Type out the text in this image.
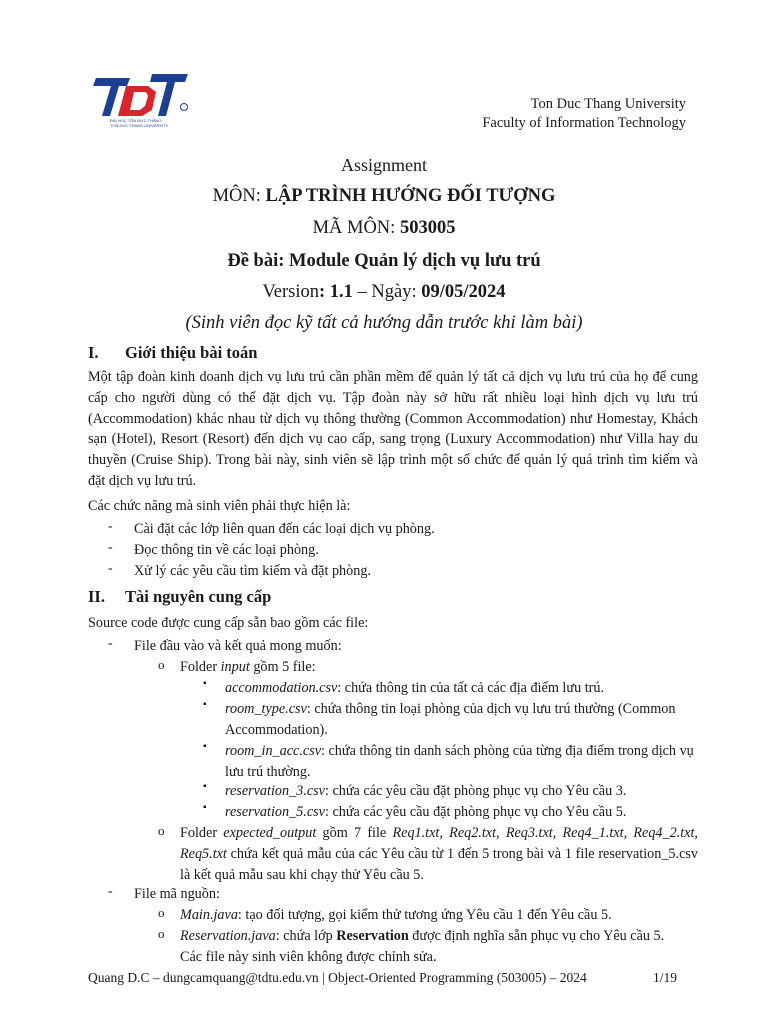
ĐẠI HỌC TÔN ĐỨC THẮNG
TON DUC THANG UNIVERSITY
Ton Duc Thang University
Faculty of Information Technology
Assignment
MÔN: LẬP TRÌNH HƯỚNG ĐỐI TƯỢNG
MÃ MÔN: 503005
Đề bài: Module Quản lý dịch vụ lưu trú
Version: 1.1 – Ngày: 09/05/2024
(Sinh viên đọc kỹ tất cả hướng dẫn trước khi làm bài)
I. Giới thiệu bài toán
Một tập đoàn kinh doanh dịch vụ lưu trú cần phần mềm để quản lý tất cả dịch vụ lưu trú của họ để cung cấp cho người dùng có thể đặt dịch vụ. Tập đoàn này sở hữu rất nhiều loại hình dịch vụ lưu trú (Accommodation) khác nhau từ dịch vụ thông thường (Common Accommodation) như Homestay, Khách sạn (Hotel), Resort (Resort) đến dịch vụ cao cấp, sang trọng (Luxury Accommodation) như Villa hay du thuyền (Cruise Ship). Trong bài này, sinh viên sẽ lập trình một số chức để quản lý quá trình tìm kiếm và đặt dịch vụ lưu trú.
Các chức năng mà sinh viên phải thực hiện là:
- Cài đặt các lớp liên quan đến các loại dịch vụ phòng.
- Đọc thông tin về các loại phòng.
- Xử lý các yêu cầu tìm kiếm và đặt phòng.
II. Tài nguyên cung cấp
Source code được cung cấp sẵn bao gồm các file:
- File đầu vào và kết quả mong muốn:
o Folder input gồm 5 file:
▪ accommodation.csv: chứa thông tin của tất cả các địa điểm lưu trú.
▪ room_type.csv: chứa thông tin loại phòng của dịch vụ lưu trú thường (Common Accommodation).
▪ room_in_acc.csv: chứa thông tin danh sách phòng của từng địa điểm trong dịch vụ lưu trú thường.
▪ reservation_3.csv: chứa các yêu cầu đặt phòng phục vụ cho Yêu cầu 3.
▪ reservation_5.csv: chứa các yêu cầu đặt phòng phục vụ cho Yêu cầu 5.
o Folder expected_output gồm 7 file Req1.txt, Req2.txt, Req3.txt, Req4_1.txt, Req4_2.txt, Req5.txt chứa kết quả mẫu của các Yêu cầu từ 1 đến 5 trong bài và 1 file reservation_5.csv là kết quả mẫu sau khi chạy thử Yêu cầu 5.
- File mã nguồn:
o Main.java: tạo đối tượng, gọi kiểm thử tương ứng Yêu cầu 1 đến Yêu cầu 5.
o Reservation.java: chứa lớp Reservation được định nghĩa sẵn phục vụ cho Yêu cầu 5.
Các file này sinh viên không được chỉnh sửa.
Quang D.C – dungcamquang@tdtu.edu.vn | Object-Oriented Programming (503005) – 2024	1/19
